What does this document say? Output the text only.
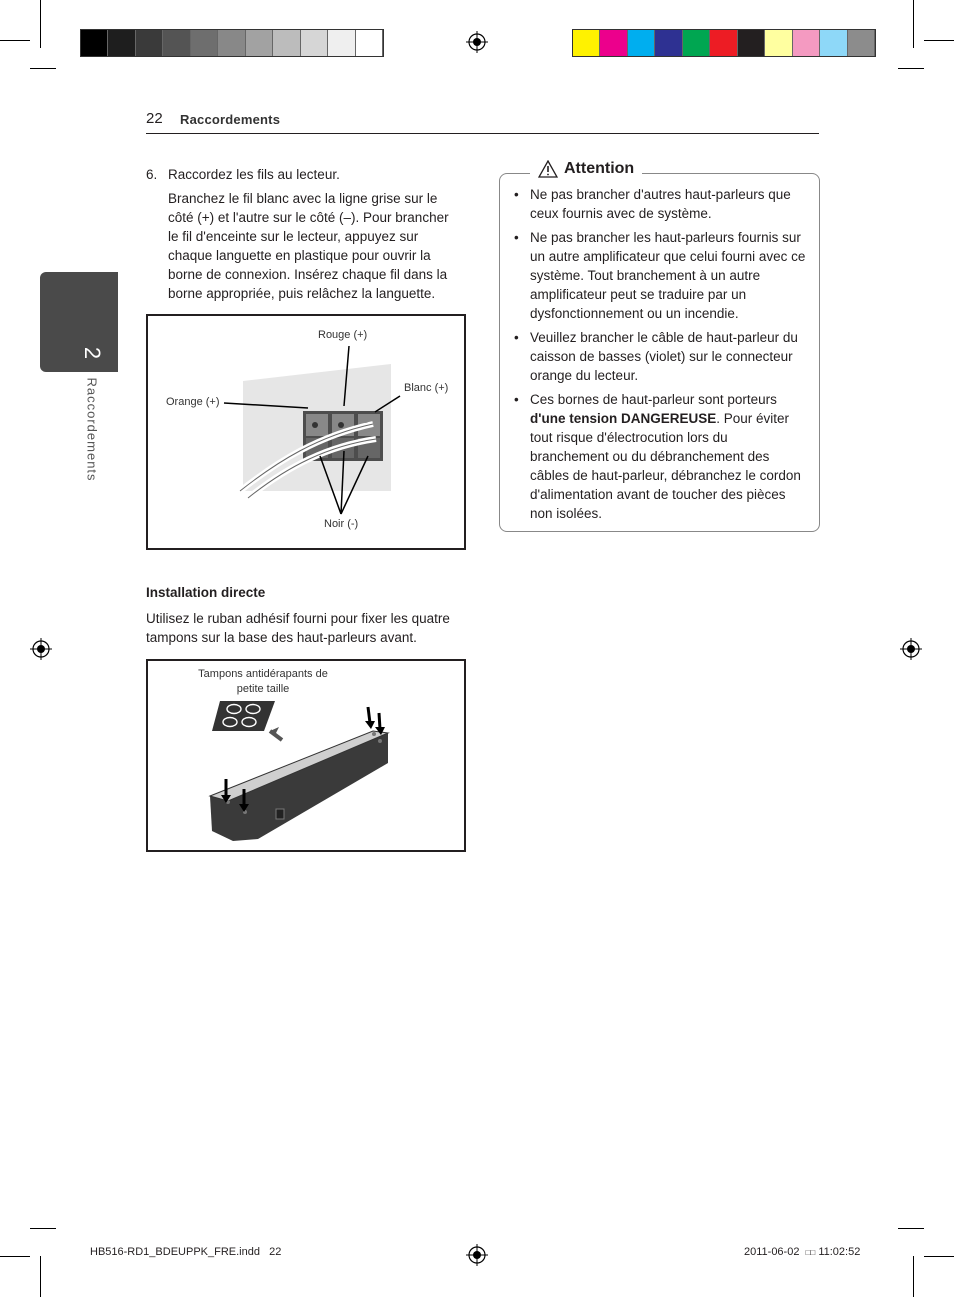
22 Raccordements
2
Raccordements
6. Raccordez les fils au lecteur.
Branchez le fil blanc avec la ligne grise sur le côté (+) et l'autre sur le côté (–). Pour brancher le fil d'enceinte sur le lecteur, appuyez sur chaque languette en plastique pour ouvrir la borne de connexion. Insérez chaque fil dans la borne appropriée, puis relâchez la languette.
Rouge (+)
Blanc (+)
Orange (+)
Noir (-)
Installation directe
Utilisez le ruban adhésif fourni pour fixer les quatre tampons sur la base des haut-parleurs avant.
Tampons antidérapants de
petite taille
Attention
• Ne pas brancher d'autres haut-parleurs que ceux fournis avec de système.
• Ne pas brancher les haut-parleurs fournis sur un autre amplificateur que celui fourni avec ce système. Tout branchement à un autre amplificateur peut se traduire par un dysfonctionnement ou un incendie.
• Veuillez brancher le câble de haut-parleur du caisson de basses (violet) sur le connecteur orange du lecteur.
• Ces bornes de haut-parleur sont porteurs d'une tension DANGEREUSE. Pour éviter tout risque d'électrocution lors du branchement ou du débranchement des câbles de haut-parleur, débranchez le cordon d'alimentation avant de toucher des pièces non isolées.
HB516-RD1_BDEUPPK_FRE.indd   22	2011-06-02 □□ 11:02:52
